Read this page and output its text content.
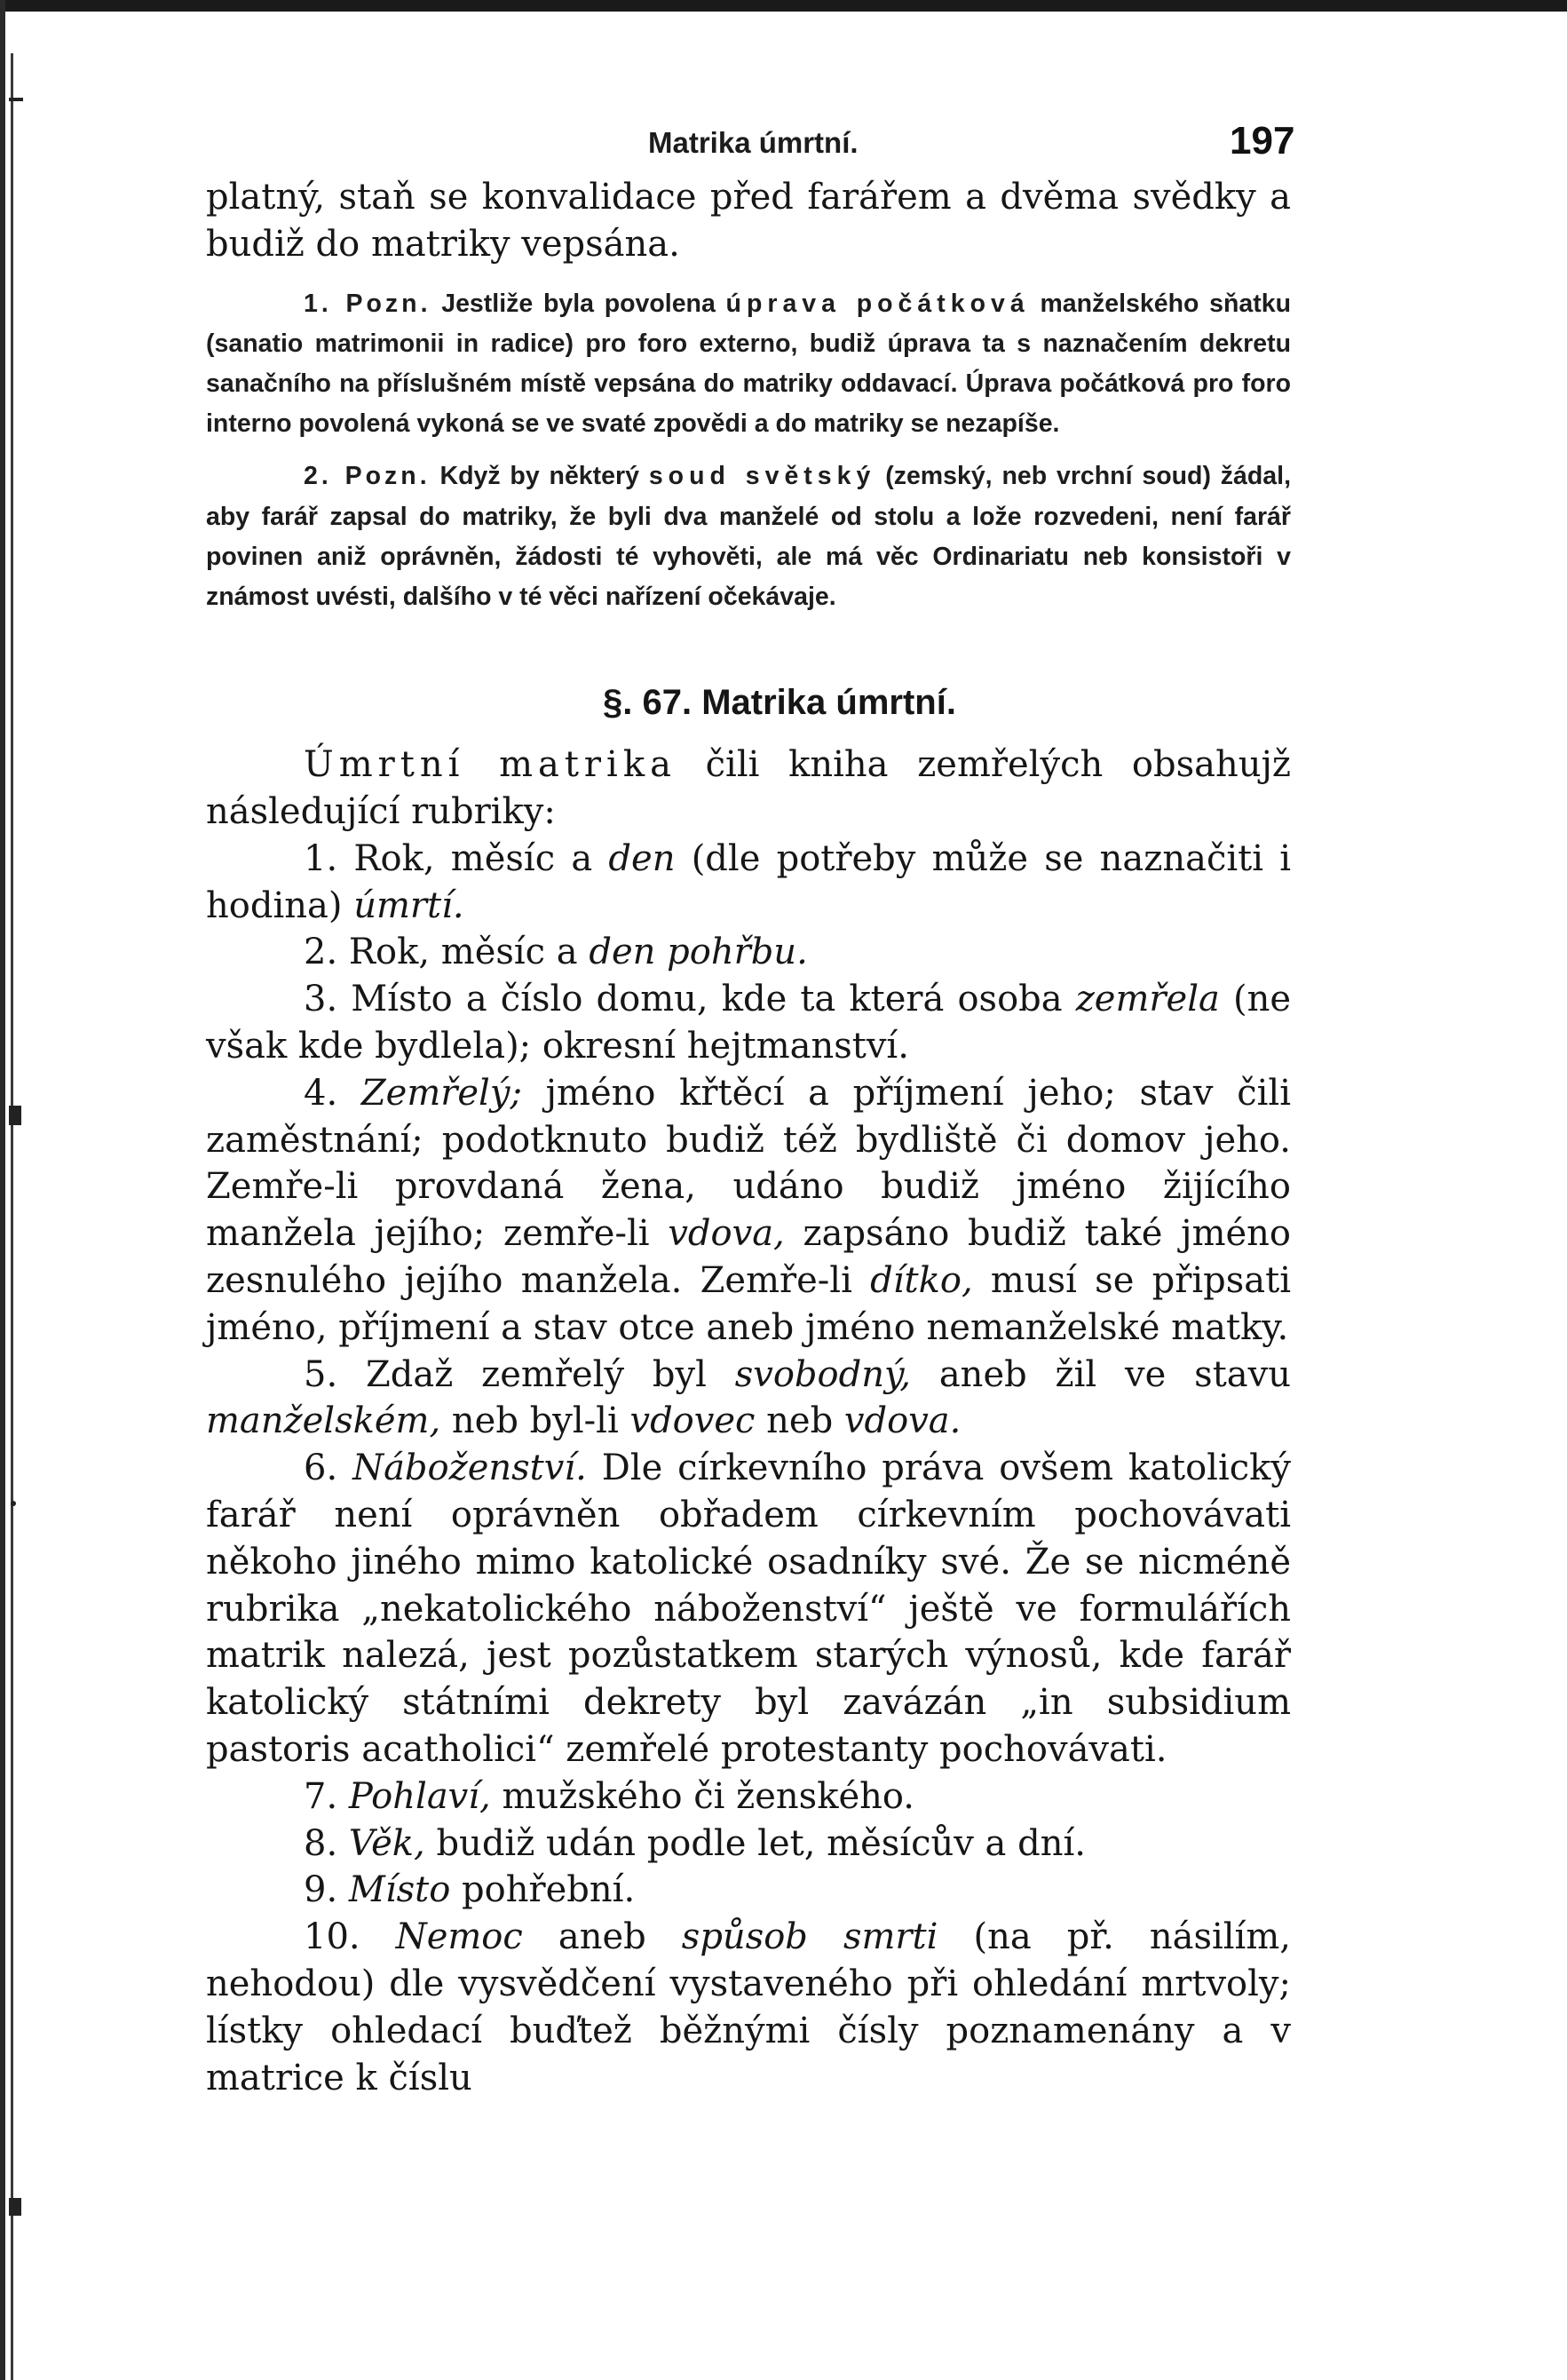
Matrika úmrtní.	197

platný, staň se konvalidace před farářem a dvěma svědky a budiž do matriky vepsána.

1. Pozn. Jestliže byla povolena úprava počátková manželského sňatku (sanatio matrimonii in radice) pro foro externo, budiž úprava ta s naznačením dekretu sanačního na příslušném místě vepsána do matriky oddavací. Úprava počátková pro foro interno povolená vykoná se ve svaté zpovědi a do matriky se nezapíše.

2. Pozn. Když by některý soud světský (zemský, neb vrchní soud) žádal, aby farář zapsal do matriky, že byli dva manželé od stolu a lože rozvedeni, není farář povinen aniž oprávněn, žádosti té vyhověti, ale má věc Ordinariatu neb konsistoři v známost uvésti, dalšího v té věci nařízení očekávaje.

§. 67. Matrika úmrtní.

Úmrtní matrika čili kniha zemřelých obsahujž následující rubriky:

1. Rok, měsíc a den (dle potřeby může se naznačiti i hodina) úmrtí.

2. Rok, měsíc a den pohřbu.

3. Místo a číslo domu, kde ta která osoba zemřela (ne však kde bydlela); okresní hejtmanství.

4. Zemřelý; jméno křtěcí a příjmení jeho; stav čili zaměstnání; podotknuto budiž též bydliště či domov jeho. Zemře-li provdaná žena, udáno budiž jméno žijícího manžela jejího; zemře-li vdova, zapsáno budiž také jméno zesnulého jejího manžela. Zemře-li dítko, musí se připsati jméno, příjmení a stav otce aneb jméno nemanželské matky.

5. Zdaž zemřelý byl svobodný, aneb žil ve stavu manželském, neb byl-li vdovec neb vdova.

6. Náboženství. Dle církevního práva ovšem katolický farář není oprávněn obřadem církevním pochovávati někoho jiného mimo katolické osadníky své. Že se nicméně rubrika „nekatolického náboženství“ ještě ve formulářích matrik nalezá, jest pozůstatkem starých výnosů, kde farář katolický státními dekrety byl zavázán „in subsidium pastoris acatholici“ zemřelé protestanty pochovávati.

7. Pohlaví, mužského či ženského.

8. Věk, budiž udán podle let, měsícův a dní.

9. Místo pohřební.

10. Nemoc aneb spůsob smrti (na př. násilím, nehodou) dle vysvědčení vystaveného při ohledání mrtvoly; lístky ohledací buďtež běžnými čísly poznamenány a v matrice k číslu
